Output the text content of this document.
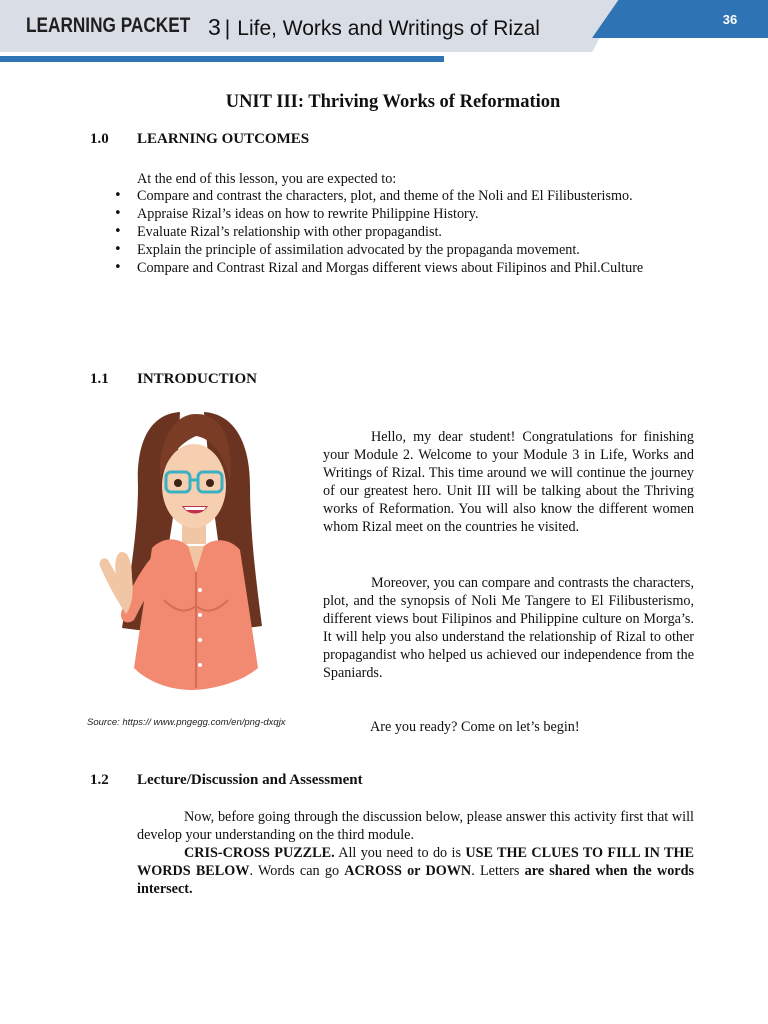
LEARNING PACKET 3 | Life, Works and Writings of Rizal	36
UNIT III: Thriving Works of Reformation
1.0 LEARNING OUTCOMES
At the end of this lesson, you are expected to:
• Compare and contrast the characters, plot, and theme of the Noli and El Filibusterismo.
• Appraise Rizal’s ideas on how to rewrite Philippine History.
• Evaluate Rizal’s relationship with other propagandist.
• Explain the principle of assimilation advocated by the propaganda movement.
• Compare and Contrast Rizal and Morgas different views about Filipinos and Phil.Culture
1.1 INTRODUCTION
Hello, my dear student! Congratulations for finishing your Module 2. Welcome to your Module 3 in Life, Works and Writings of Rizal. This time around we will continue the journey of our greatest hero. Unit III will be talking about the Thriving works of Reformation. You will also know the different women whom Rizal meet on the countries he visited.
Moreover, you can compare and contrasts the characters, plot, and the synopsis of Noli Me Tangere to El Filibusterismo, different views bout Filipinos and Philippine culture on Morga’s. It will help you also understand the relationship of Rizal to other propagandist who helped us achieved our independence from the Spaniards.
Source: https:// www.pngegg.com/en/png-dxqjx	Are you ready? Come on let’s begin!
1.2 Lecture/Discussion and Assessment

Now, before going through the discussion below, please answer this activity first that will develop your understanding on the third module.

CRIS-CROSS PUZZLE. All you need to do is USE THE CLUES TO FILL IN THE WORDS BELOW. Words can go ACROSS or DOWN. Letters are shared when the words intersect.
